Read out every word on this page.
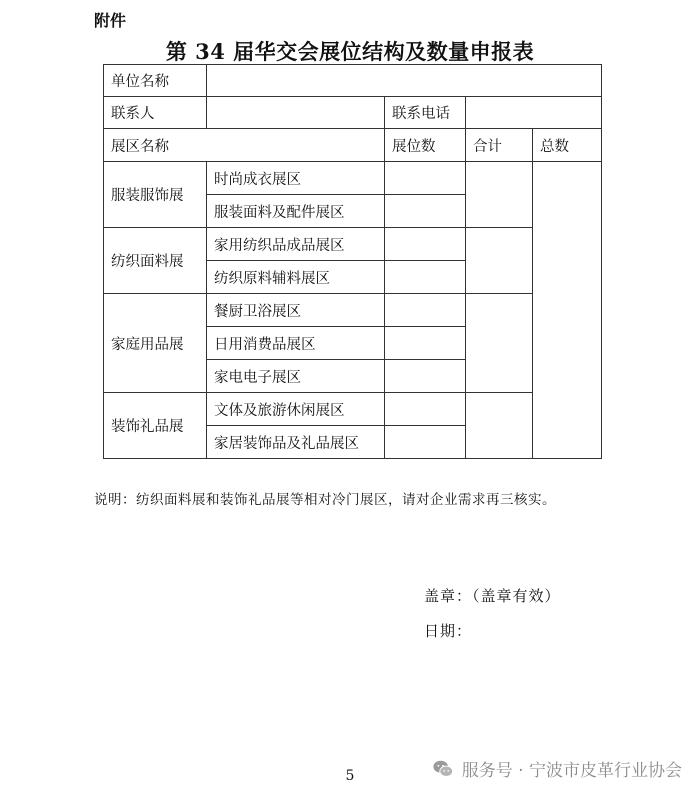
附件
第 34 届华交会展位结构及数量申报表
单位名称				
联系人		联系电话		
展区名称		展位数	合计	总数
服装服饰展	时尚成衣展区			
	服装面料及配件展区			
纺织面料展	家用纺织品成品展区			
	纺织原料辅料展区			
家庭用品展	餐厨卫浴展区			
	日用消费品展区			
	家电电子展区			
装饰礼品展	文体及旅游休闲展区			
	家居装饰品及礼品展区			
说明：纺织面料展和装饰礼品展等相对冷门展区，请对企业需求再三核实。
盖章：（盖章有效）
日期：
5	服务号 · 宁波市皮革行业协会
